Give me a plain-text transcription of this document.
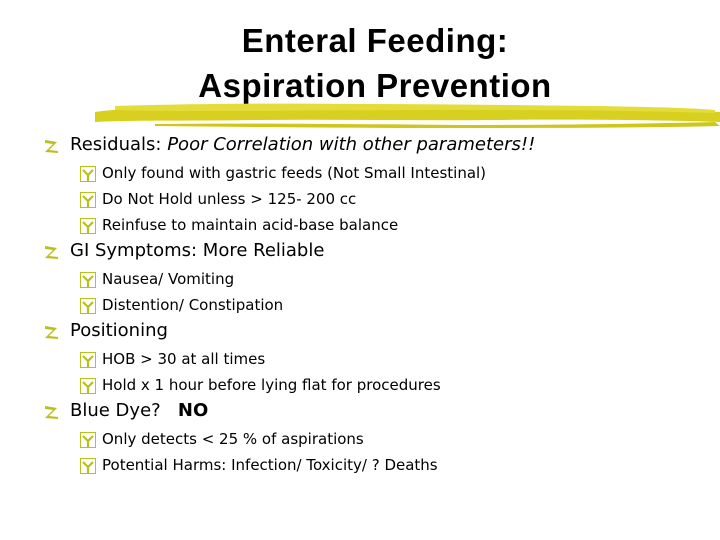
Enteral Feeding:
Aspiration Prevention
Residuals: Poor Correlation with other parameters!!
Only found with gastric feeds (Not Small Intestinal)
Do Not Hold unless > 125- 200 cc
Reinfuse to maintain acid-base balance
GI Symptoms: More Reliable
Nausea/ Vomiting
Distention/ Constipation
Positioning
HOB > 30 at all times
Hold x 1 hour before lying flat for procedures
Blue Dye? NO
Only detects < 25 % of aspirations
Potential Harms: Infection/ Toxicity/ ? Deaths
